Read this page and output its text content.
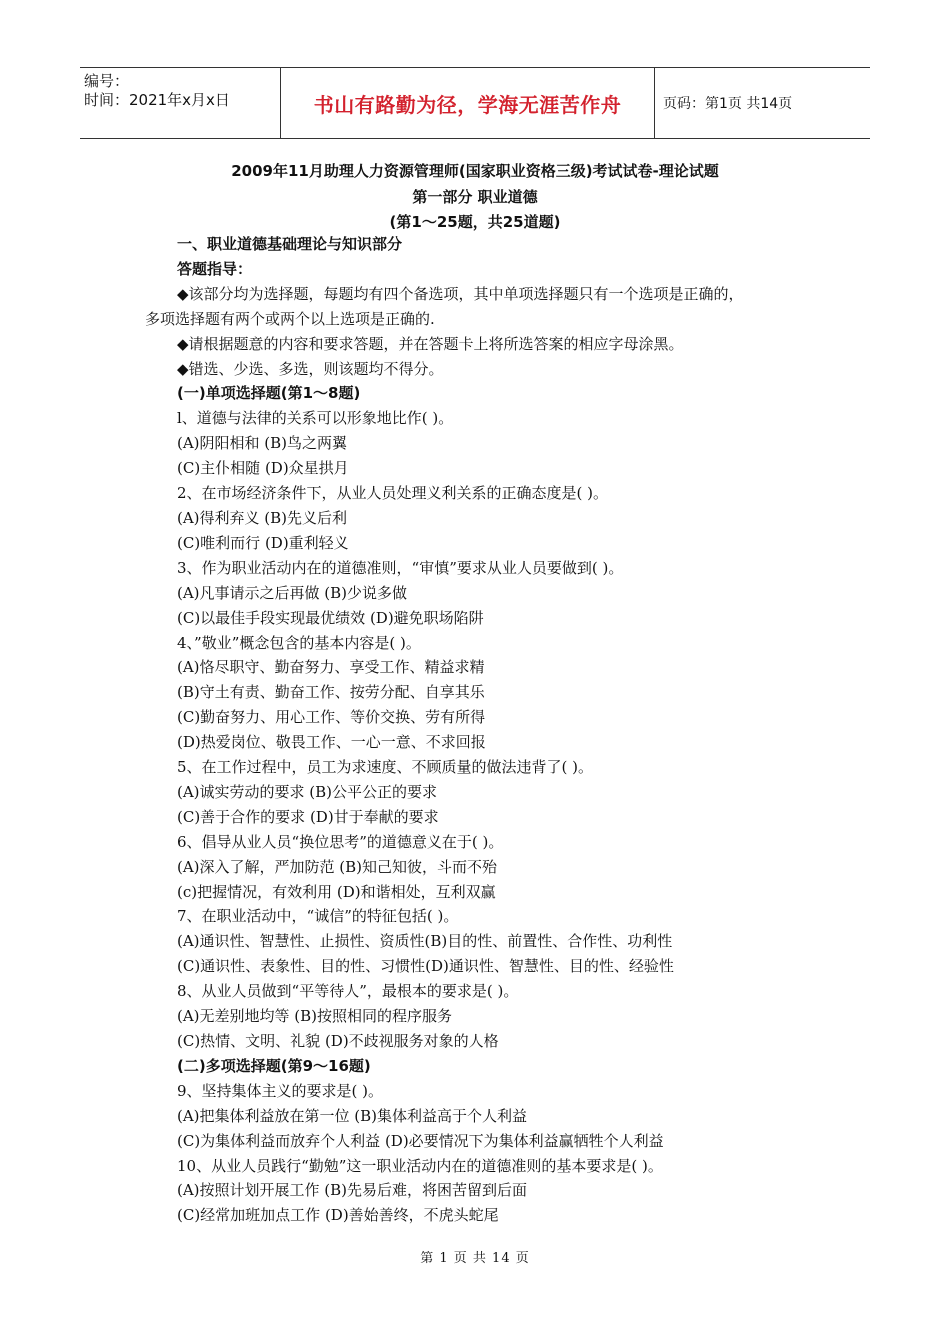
编号：
时间：2021年x月x日	书山有路勤为径，学海无涯苦作舟	页码：第1页 共14页
2009年11月助理人力资源管理师(国家职业资格三级)考试试卷-理论试题
第一部分 职业道德
(第1～25题，共25道题)
一、职业道德基础理论与知识部分
答题指导：
◆该部分均为选择题，每题均有四个备选项，其中单项选择题只有一个选项是正确的，
多项选择题有两个或两个以上选项是正确的.
◆请根据题意的内容和要求答题，并在答题卡上将所选答案的相应字母涂黑。
◆错选、少选、多选，则该题均不得分。
(一)单项选择题(第1～8题)
l、道德与法律的关系可以形象地比作( )。
(A)阴阳相和 (B)鸟之两翼
(C)主仆相随 (D)众星拱月
2、在市场经济条件下，从业人员处理义利关系的正确态度是( )。
(A)得利弃义 (B)先义后利
(C)唯利而行 (D)重利轻义
3、作为职业活动内在的道德准则，“审慎”要求从业人员要做到( )。
(A)凡事请示之后再做 (B)少说多做
(C)以最佳手段实现最优绩效 (D)避免职场陷阱
4、”敬业”概念包含的基本内容是( )。
(A)恪尽职守、勤奋努力、享受工作、精益求精
(B)守土有责、勤奋工作、按劳分配、自享其乐
(C)勤奋努力、用心工作、等价交换、劳有所得
(D)热爱岗位、敬畏工作、一心一意、不求回报
5、在工作过程中，员工为求速度、不顾质量的做法违背了( )。
(A)诚实劳动的要求 (B)公平公正的要求
(C)善于合作的要求 (D)甘于奉献的要求
6、倡导从业人员“换位思考”的道德意义在于( )。
(A)深入了解，严加防范 (B)知己知彼，斗而不殆
(c)把握情况，有效利用 (D)和谐相处，互利双赢
7、在职业活动中，“诚信”的特征包括( )。
(A)通识性、智慧性、止损性、资质性(B)目的性、前置性、合作性、功利性
(C)通识性、表象性、目的性、习惯性(D)通识性、智慧性、目的性、经验性
8、从业人员做到“平等待人”，最根本的要求是( )。
(A)无差别地均等 (B)按照相同的程序服务
(C)热情、文明、礼貌 (D)不歧视服务对象的人格
(二)多项选择题(第9～16题)
9、坚持集体主义的要求是( )。
(A)把集体利益放在第一位 (B)集体利益高于个人利益
(C)为集体利益而放弃个人利益 (D)必要情况下为集体利益赢牺牲个人利益
10、从业人员践行“勤勉”这一职业活动内在的道德准则的基本要求是( )。
(A)按照计划开展工作 (B)先易后难，将困苦留到后面
(C)经常加班加点工作 (D)善始善终，不虎头蛇尾
第 1 页 共 14 页
